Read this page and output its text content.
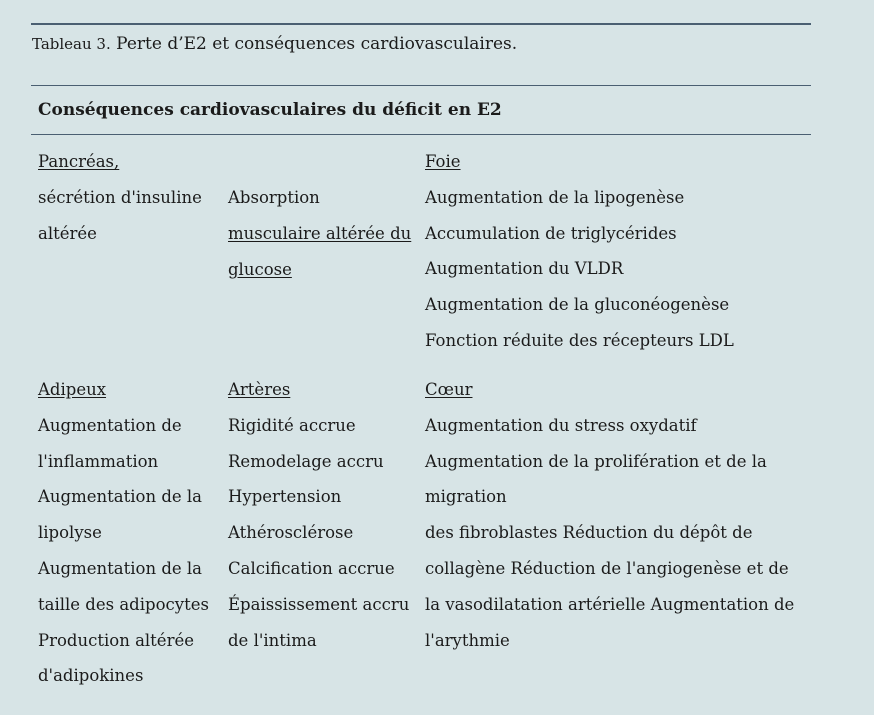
Tableau 3. Perte d’E2 et conséquences cardiovasculaires.
Conséquences cardiovasculaires du déficit en E2
Pancréas,
sécrétion d'insuline
altérée
Absorption
musculaire altérée du
glucose
Foie
Augmentation de la lipogenèse
Accumulation de triglycérides
Augmentation du VLDR
Augmentation de la gluconéogenèse
Fonction réduite des récepteurs LDL
Adipeux
Augmentation de
l'inflammation
Augmentation de la
lipolyse
Augmentation de la
taille des adipocytes
Production altérée
d'adipokines
Artères
Rigidité accrue
Remodelage accru
Hypertension
Athérosclérose
Calcification accrue
Épaississement accru
de l'intima
Cœur
Augmentation du stress oxydatif
Augmentation de la prolifération et de la
migration
des fibroblastes Réduction du dépôt de
collagène Réduction de l'angiogenèse et de
la vasodilatation artérielle Augmentation de
l'arythmie
